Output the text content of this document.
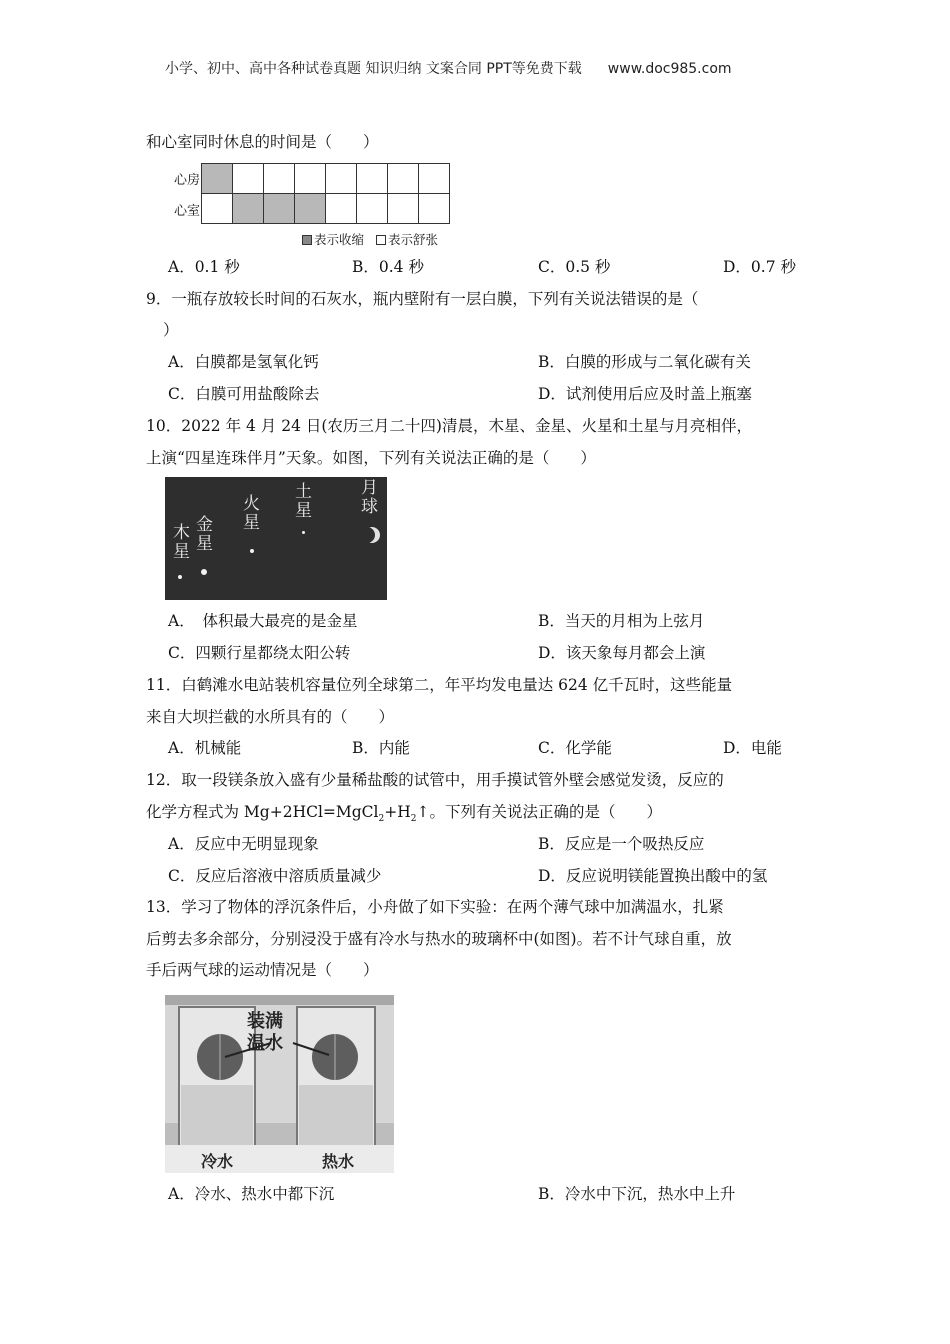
小学、初中、高中各种试卷真题 知识归纳 文案合同 PPT等免费下载 www.doc985.com
和心室同时休息的时间是（　　）
心房
心室

表示收缩 表示舒张
A．0.1 秒	B．0.4 秒	C．0.5 秒	D．0.7 秒
9．一瓶存放较长时间的石灰水，瓶内壁附有一层白膜，下列有关说法错误的是（
）
A．白膜都是氢氧化钙	B．白膜的形成与二氧化碳有关
C．白膜可用盐酸除去	D．试剂使用后应及时盖上瓶塞
10．2022 年 4 月 24 日(农历三月二十四)清晨，木星、金星、火星和土星与月亮相伴，
上演“四星连珠伴月”天象。如图，下列有关说法正确的是（　　）
木星
金星
火星
土星
月球
A．　体积最大最亮的是金星	B．当天的月相为上弦月
C．四颗行星都绕太阳公转	D．该天象每月都会上演
11．白鹤滩水电站装机容量位列全球第二，年平均发电量达 624 亿千瓦时，这些能量
来自大坝拦截的水所具有的（　　）
A．机械能	B．内能	C．化学能	D．电能
12．取一段镁条放入盛有少量稀盐酸的试管中，用手摸试管外壁会感觉发烫，反应的
化学方程式为 $Mg+2HCl=MgCl_2+H_2↑$。下列有关说法正确的是（　　）
A．反应中无明显现象	B．反应是一个吸热反应
C．反应后溶液中溶质质量减少	D．反应说明镁能置换出酸中的氢
13．学习了物体的浮沉条件后，小舟做了如下实验：在两个薄气球中加满温水，扎紧
后剪去多余部分，分别浸没于盛有冷水与热水的玻璃杯中(如图)。若不计气球自重，放
手后两气球的运动情况是（　　）
装满
温水
冷水	热水
A．冷水、热水中都下沉	B．冷水中下沉，热水中上升
